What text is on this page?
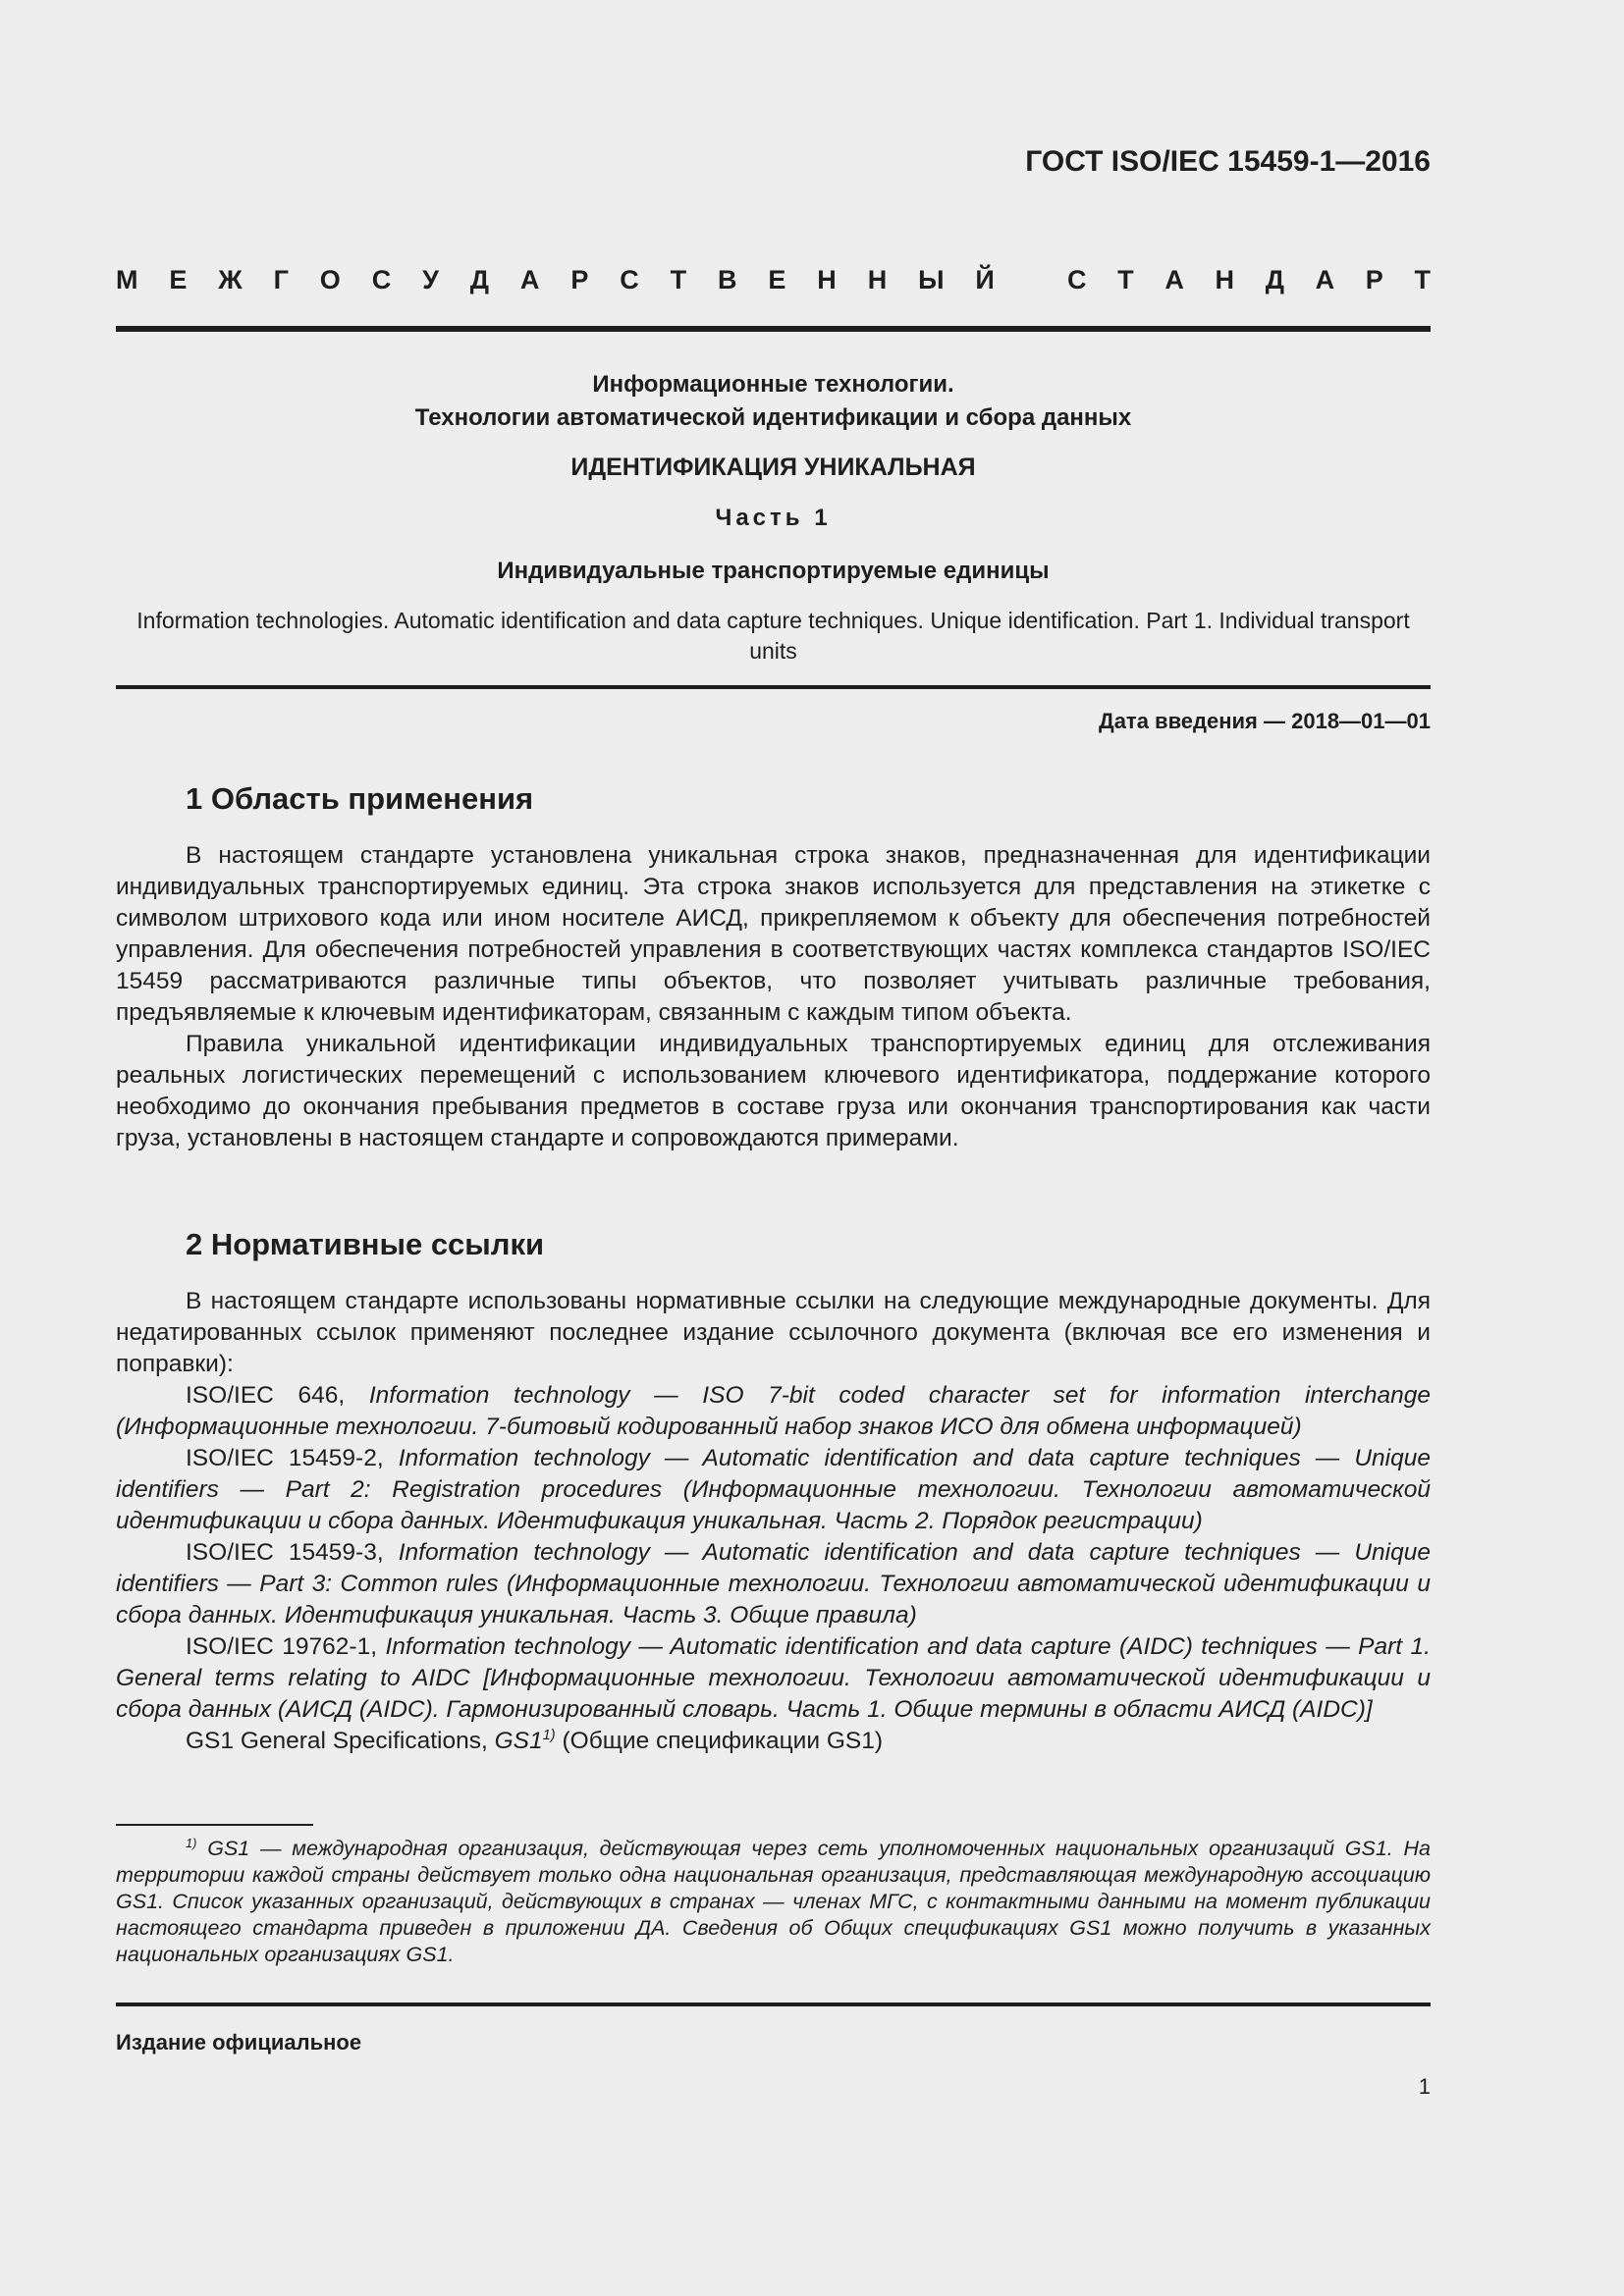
ГОСТ ISO/IEC 15459-1—2016
М Е Ж Г О С У Д А Р С Т В Е Н Н Ы Й	С Т А Н Д А Р Т
Информационные технологии.
Технологии автоматической идентификации и сбора данных
ИДЕНТИФИКАЦИЯ УНИКАЛЬНАЯ
Часть 1
Индивидуальные транспортируемые единицы
Information technologies. Automatic identification and data capture techniques. Unique identification. Part 1. Individual transport units
Дата введения — 2018—01—01
1 Область применения

В настоящем стандарте установлена уникальная строка знаков, предназначенная для идентификации индивидуальных транспортируемых единиц. Эта строка знаков используется для представления на этикетке с символом штрихового кода или ином носителе АИСД, прикрепляемом к объекту для обеспечения потребностей управления. Для обеспечения потребностей управления в соответствующих частях комплекса стандартов ISO/IEC 15459 рассматриваются различные типы объектов, что позволяет учитывать различные требования, предъявляемые к ключевым идентификаторам, связанным с каждым типом объекта.

Правила уникальной идентификации индивидуальных транспортируемых единиц для отслеживания реальных логистических перемещений с использованием ключевого идентификатора, поддержание которого необходимо до окончания пребывания предметов в составе груза или окончания транспортирования как части груза, установлены в настоящем стандарте и сопровождаются примерами.

2 Нормативные ссылки

В настоящем стандарте использованы нормативные ссылки на следующие международные документы. Для недатированных ссылок применяют последнее издание ссылочного документа (включая все его изменения и поправки):

ISO/IEC 646, Information technology — ISO 7-bit coded character set for information interchange (Информационные технологии. 7-битовый кодированный набор знаков ИСО для обмена информацией)

ISO/IEC 15459-2, Information technology — Automatic identification and data capture techniques — Unique identifiers — Part 2: Registration procedures (Информационные технологии. Технологии автоматической идентификации и сбора данных. Идентификация уникальная. Часть 2. Порядок регистрации)

ISO/IEC 15459-3, Information technology — Automatic identification and data capture techniques — Unique identifiers — Part 3: Common rules (Информационные технологии. Технологии автоматической идентификации и сбора данных. Идентификация уникальная. Часть 3. Общие правила)

ISO/IEC 19762-1, Information technology — Automatic identification and data capture (AIDC) techniques — Part 1. General terms relating to AIDC [Информационные технологии. Технологии автоматической идентификации и сбора данных (АИСД (AIDC). Гармонизированный словарь. Часть 1. Общие термины в области АИСД (AIDC)]

GS1 General Specifications, GS1$^{1)}$ (Общие спецификации GS1)

$^{1)}$ GS1 — международная организация, действующая через сеть уполномоченных национальных организаций GS1. На территории каждой страны действует только одна национальная организация, представляющая международную ассоциацию GS1. Список указанных организаций, действующих в странах — членах МГС, с контактными данными на момент публикации настоящего стандарта приведен в приложении ДА. Сведения об Общих спецификациях GS1 можно получить в указанных национальных организациях GS1.

Издание официальное
1
